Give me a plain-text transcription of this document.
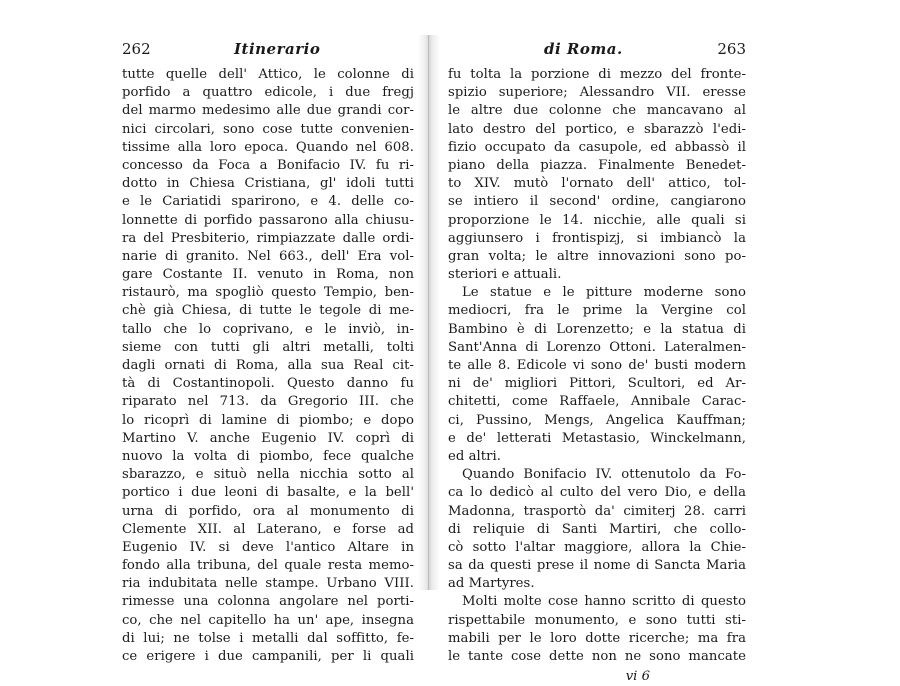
262	Itinerario
tutte quelle dell' Attico, le colonne di
porfido a quattro edicole, i due fregj
del marmo medesimo alle due grandi cor-
nici circolari, sono cose tutte convenien-
tissime alla loro epoca. Quando nel 608.
concesso da Foca a Bonifacio IV. fu ri-
dotto in Chiesa Cristiana, gl' idoli tutti
e le Cariatidi sparirono, e 4. delle co-
lonnette di porfido passarono alla chiusu-
ra del Presbiterio, rimpiazzate dalle ordi-
narie di granito. Nel 663., dell' Era vol-
gare Costante II. venuto in Roma, non
ristaurò, ma spogliò questo Tempio, ben-
chè già Chiesa, di tutte le tegole di me-
tallo che lo coprivano, e le inviò, in-
sieme con tutti gli altri metalli, tolti
dagli ornati di Roma, alla sua Real cit-
tà di Costantinopoli. Questo danno fu
riparato nel 713. da Gregorio III. che
lo ricoprì di lamine di piombo; e dopo
Martino V. anche Eugenio IV. coprì di
nuovo la volta di piombo, fece qualche
sbarazzo, e situò nella nicchia sotto al
portico i due leoni di basalte, e la bell'
urna di porfido, ora al monumento di
Clemente XII. al Laterano, e forse ad
Eugenio IV. si deve l'antico Altare in
fondo alla tribuna, del quale resta memo-
ria indubitata nelle stampe. Urbano VIII.
rimesse una colonna angolare nel porti-
co, che nel capitello ha un' ape, insegna
di lui; ne tolse i metalli dal soffitto, fe-
ce erigere i due campanili, per li quali
di Roma.	263
fu tolta la porzione di mezzo del fronte-
spizio superiore; Alessandro VII. eresse
le altre due colonne che mancavano al
lato destro del portico, e sbarazzò l'edi-
fizio occupato da casupole, ed abbassò il
piano della piazza. Finalmente Benedet-
to XIV. mutò l'ornato dell' attico, tol-
se intiero il second' ordine, cangiarono
proporzione le 14. nicchie, alle quali si
aggiunsero i frontispizj, si imbiancò la
gran volta; le altre innovazioni sono po-
steriori e attuali.
Le statue e le pitture moderne sono
mediocri, fra le prime la Vergine col
Bambino è di Lorenzetto; e la statua di
Sant'Anna di Lorenzo Ottoni. Lateralmen-
te alle 8. Edicole vi sono de' busti modern
ni de' migliori Pittori, Scultori, ed Ar-
chitetti, come Raffaele, Annibale Carac-
ci, Pussino, Mengs, Angelica Kauffman;
e de' letterati Metastasio, Winckelmann,
ed altri.
Quando Bonifacio IV. ottenutolo da Fo-
ca lo dedicò al culto del vero Dio, e della
Madonna, trasportò da' cimiterj 28. carri
di reliquie di Santi Martiri, che collo-
cò sotto l'altar maggiore, allora la Chie-
sa da questi prese il nome di Sancta Maria
ad Martyres.
Molti molte cose hanno scritto di questo
rispettabile monumento, e sono tutti sti-
mabili per le loro dotte ricerche; ma fra
le tante cose dette non ne sono mancate
vi 6
